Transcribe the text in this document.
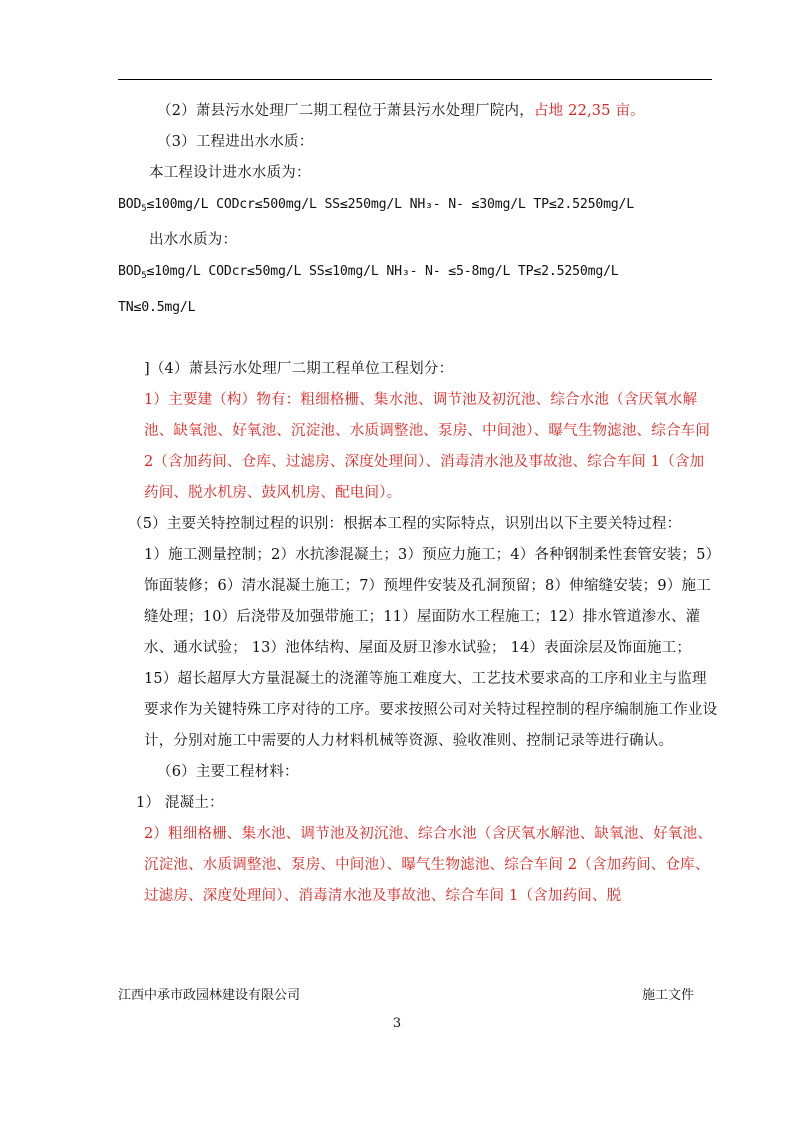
（2）萧县污水处理厂二期工程位于萧县污水处理厂院内，占地 22,35 亩。

（3）工程进出水水质：

本工程设计进水水质为：

$BOD_5\le 100mg/L$ CODcr≤500mg/L SS≤250mg/L NH₃- N- ≤30mg/L TP≤2.5250mg/L

出水水质为：

$BOD_5\le 10mg/L$ CODcr≤50mg/L SS≤10mg/L NH₃- N- ≤5-8mg/L TP≤2.5250mg/L

TN≤0.5mg/L

]（4）萧县污水处理厂二期工程单位工程划分：

1）主要建（构）物有：粗细格栅、集水池、调节池及初沉池、综合水池（含厌氧水解池、缺氧池、好氧池、沉淀池、水质调整池、泵房、中间池）、曝气生物滤池、综合车间 2（含加药间、仓库、过滤房、深度处理间）、消毒清水池及事故池、综合车间 1（含加药间、脱水机房、鼓风机房、配电间）。

（5）主要关特控制过程的识别：根据本工程的实际特点，识别出以下主要关特过程：

1）施工测量控制；2）水抗渗混凝土；3）预应力施工；4）各种钢制柔性套管安装；5）饰面装修；6）清水混凝土施工；7）预埋件安装及孔洞预留；8）伸缩缝安装；9）施工缝处理；10）后浇带及加强带施工；11）屋面防水工程施工；12）排水管道渗水、灌水、通水试验； 13）池体结构、屋面及厨卫渗水试验； 14）表面涂层及饰面施工； 15）超长超厚大方量混凝土的浇灌等施工难度大、工艺技术要求高的工序和业主与监理要求作为关键特殊工序对待的工序。要求按照公司对关特过程控制的程序编制施工作业设计，分别对施工中需要的人力材料机械等资源、验收准则、控制记录等进行确认。

（6）主要工程材料：

1） 混凝土：

2）粗细格栅、集水池、调节池及初沉池、综合水池（含厌氧水解池、缺氧池、好氧池、沉淀池、水质调整池、泵房、中间池）、曝气生物滤池、综合车间 2（含加药间、仓库、过滤房、深度处理间）、消毒清水池及事故池、综合车间 1（含加药间、脱

江西中承市政园林建设有限公司	施工文件
3
